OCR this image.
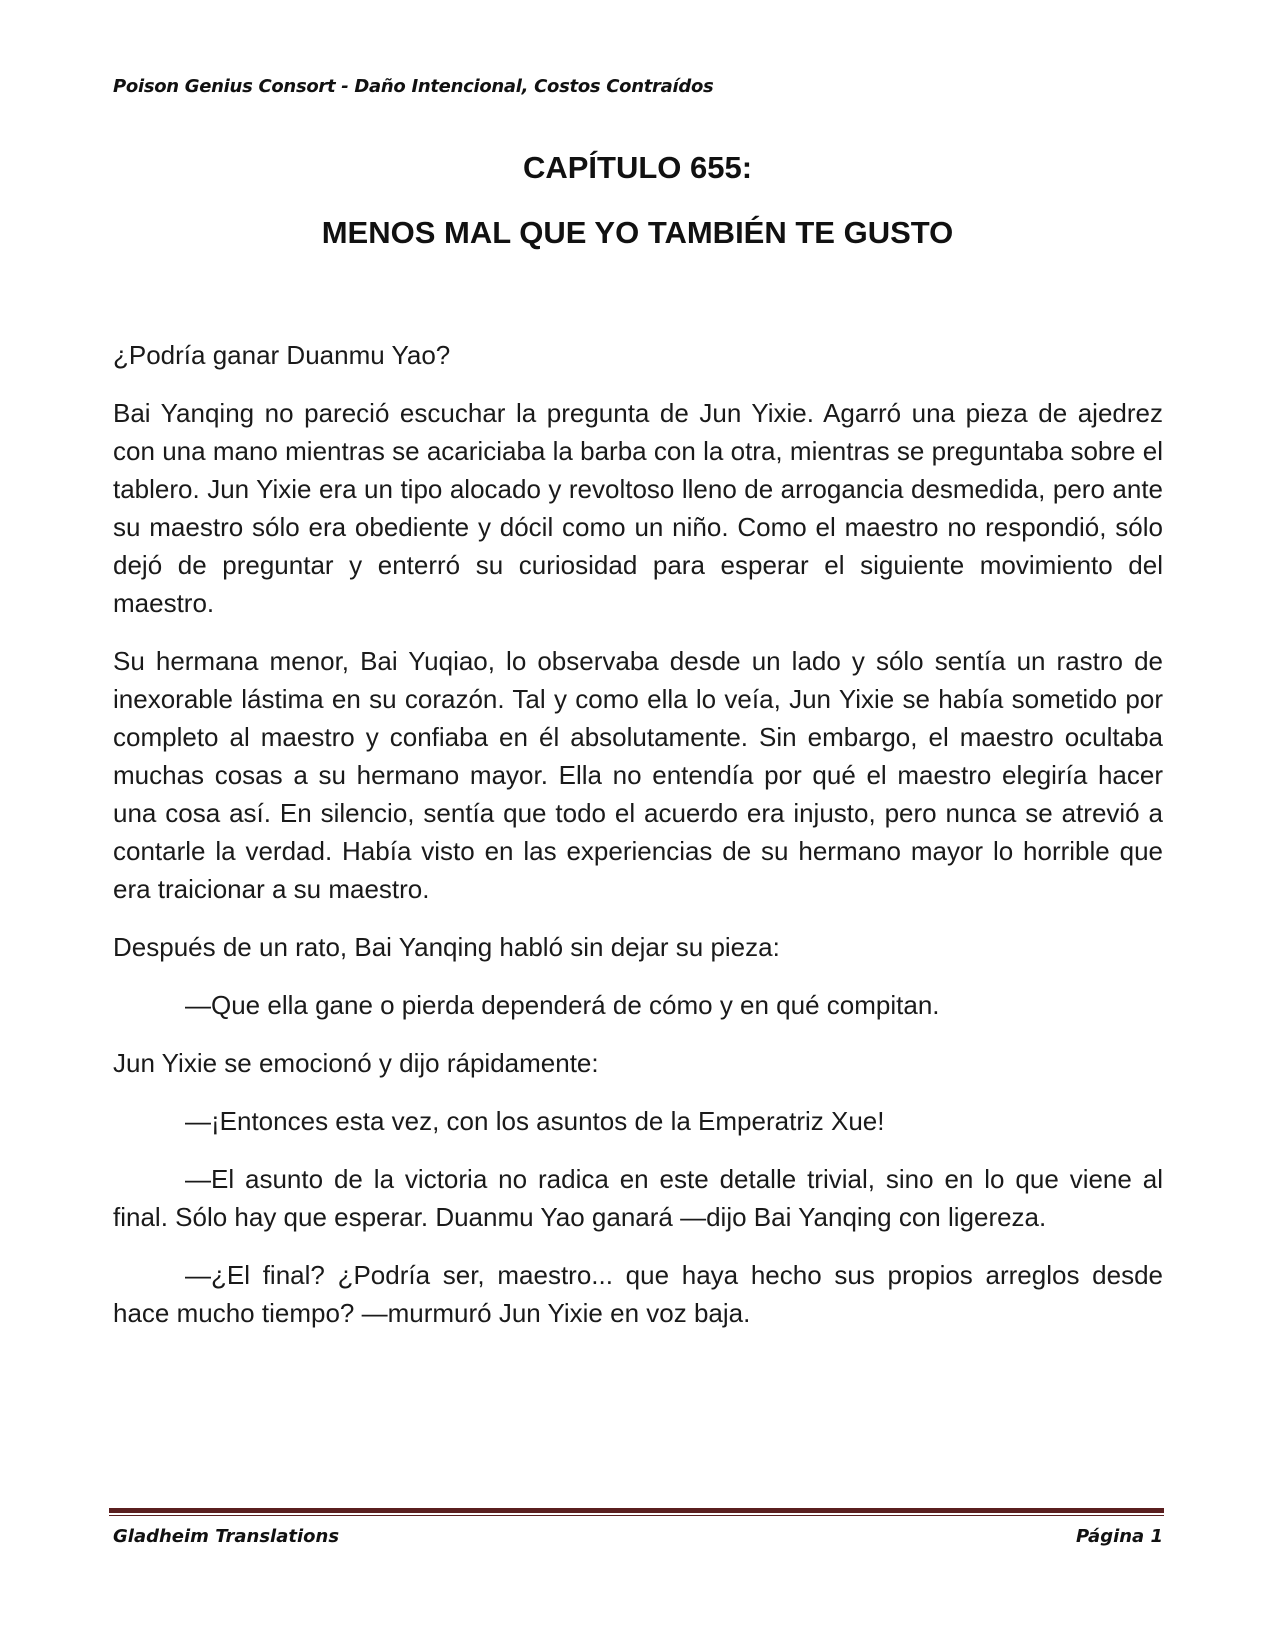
Poison Genius Consort - Daño Intencional, Costos Contraídos
CAPÍTULO 655:
MENOS MAL QUE YO TAMBIÉN TE GUSTO

¿Podría ganar Duanmu Yao?

Bai Yanqing no pareció escuchar la pregunta de Jun Yixie. Agarró una pieza de ajedrez con una mano mientras se acariciaba la barba con la otra, mientras se preguntaba sobre el tablero. Jun Yixie era un tipo alocado y revoltoso lleno de arrogancia desmedida, pero ante su maestro sólo era obediente y dócil como un niño. Como el maestro no respondió, sólo dejó de preguntar y enterró su curiosidad para esperar el siguiente movimiento del maestro.

Su hermana menor, Bai Yuqiao, lo observaba desde un lado y sólo sentía un rastro de inexorable lástima en su corazón. Tal y como ella lo veía, Jun Yixie se había sometido por completo al maestro y confiaba en él absolutamente. Sin embargo, el maestro ocultaba muchas cosas a su hermano mayor. Ella no entendía por qué el maestro elegiría hacer una cosa así. En silencio, sentía que todo el acuerdo era injusto, pero nunca se atrevió a contarle la verdad. Había visto en las experiencias de su hermano mayor lo horrible que era traicionar a su maestro.

Después de un rato, Bai Yanqing habló sin dejar su pieza:

—Que ella gane o pierda dependerá de cómo y en qué compitan.

Jun Yixie se emocionó y dijo rápidamente:

—¡Entonces esta vez, con los asuntos de la Emperatriz Xue!

—El asunto de la victoria no radica en este detalle trivial, sino en lo que viene al final. Sólo hay que esperar. Duanmu Yao ganará —dijo Bai Yanqing con ligereza.

—¿El final? ¿Podría ser, maestro... que haya hecho sus propios arreglos desde hace mucho tiempo? —murmuró Jun Yixie en voz baja.

Gladheim Translations	Página 1
